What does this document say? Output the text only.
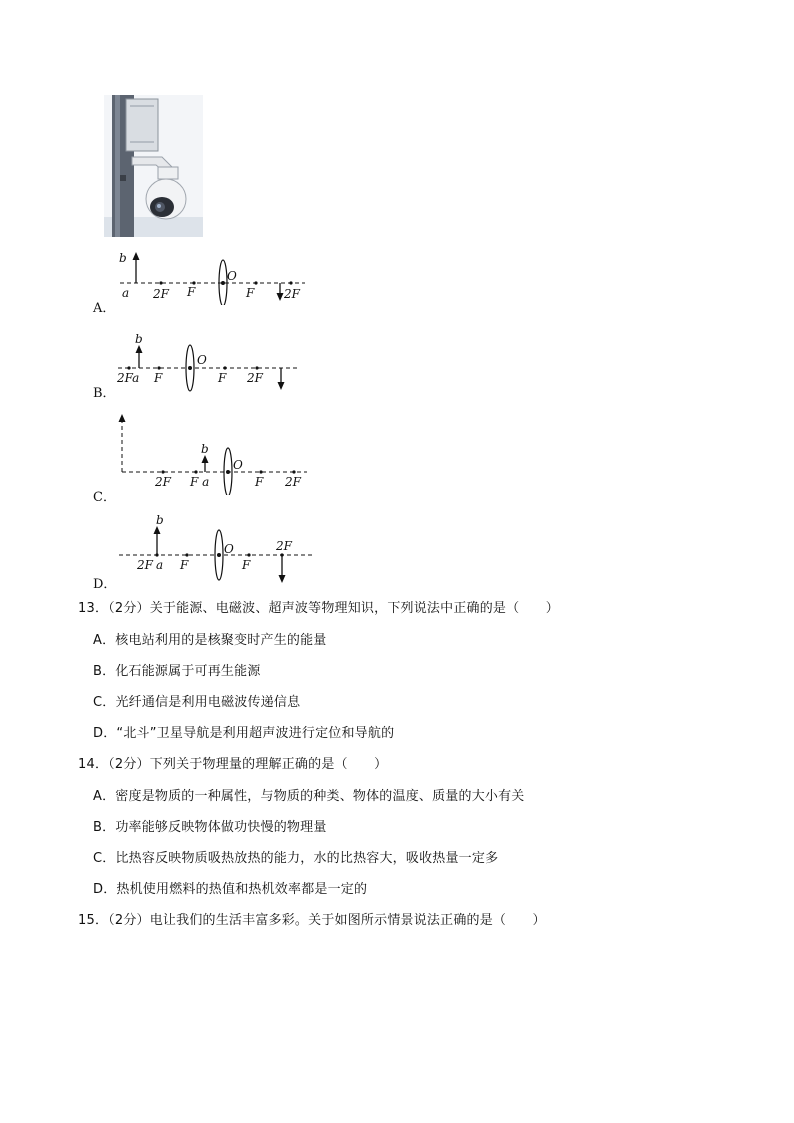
A．
b
a 2F F
O
F 2F
B．
b
2Fa F
O
F 2F
C．
b
2F F a
O
F 2F
D．
b
2F a F
O
F
2F
13．（2分）关于能源、电磁波、超声波等物理知识，下列说法中正确的是（　　）
A．核电站利用的是核聚变时产生的能量
B．化石能源属于可再生能源
C．光纤通信是利用电磁波传递信息
D．“北斗”卫星导航是利用超声波进行定位和导航的
14．（2分）下列关于物理量的理解正确的是（　　）
A．密度是物质的一种属性，与物质的种类、物体的温度、质量的大小有关
B．功率能够反映物体做功快慢的物理量
C．比热容反映物质吸热放热的能力，水的比热容大，吸收热量一定多
D．热机使用燃料的热值和热机效率都是一定的
15．（2分）电让我们的生活丰富多彩。关于如图所示情景说法正确的是（　　）
